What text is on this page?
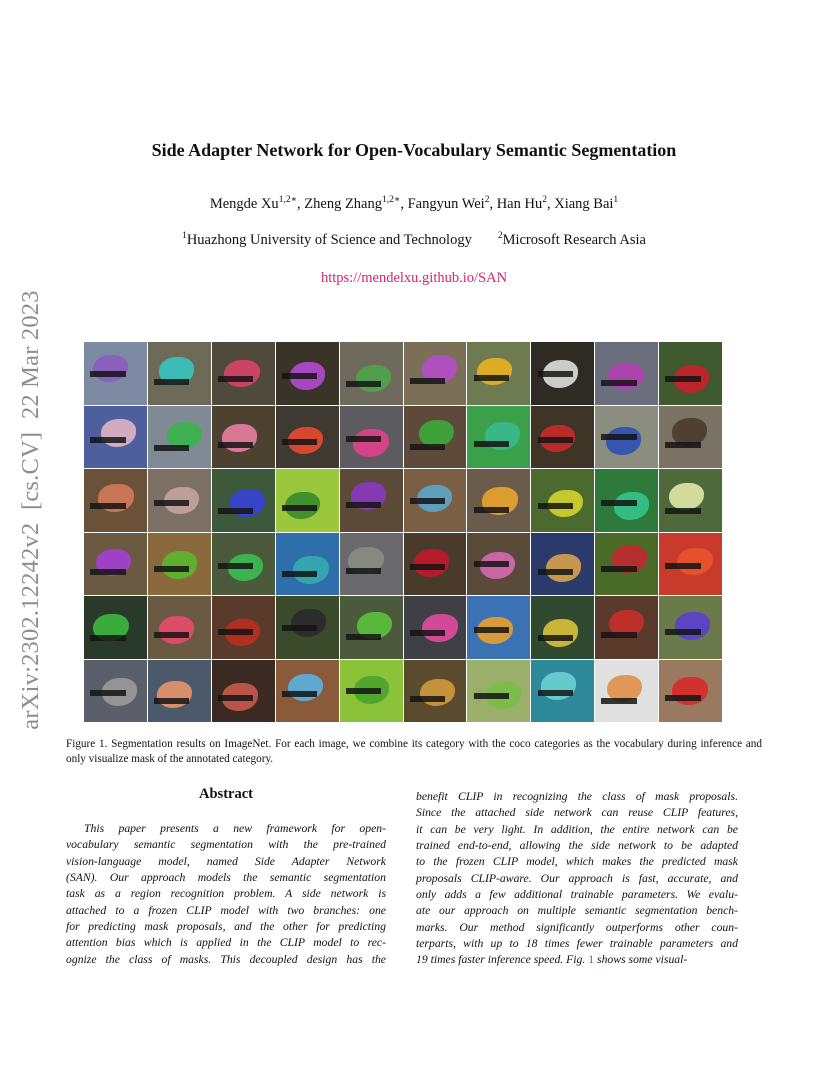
arXiv:2302.12242v2  [cs.CV]  22 Mar 2023
Side Adapter Network for Open-Vocabulary Semantic Segmentation
Mengde $Xu^{1,2∗}$, Zheng Zhang$^{1,2∗}$, Fangyun Wei$^2$, Han Hu$^2$, Xiang Bai$^1$
$^1$Huazhong University of Science and Technology	$^2$Microsoft Research Asia
https://mendelxu.github.io/SAN
Figure 1. Segmentation results on ImageNet. For each image, we combine its category with the coco categories as the vocabulary during inference and only visualize mask of the annotated category.
Abstract

This paper presents a new framework for open-

vocabulary semantic segmentation with the pre-trained

vision-language model, named Side Adapter Network

(SAN). Our approach models the semantic segmentation

task as a region recognition problem. A side network is

attached to a frozen CLIP model with two branches: one

for predicting mask proposals, and the other for predicting

attention bias which is applied in the CLIP model to rec-

ognize the class of masks. This decoupled design has the

benefit CLIP in recognizing the class of mask proposals.

Since the attached side network can reuse CLIP features,

it can be very light. In addition, the entire network can be

trained end-to-end, allowing the side network to be adapted

to the frozen CLIP model, which makes the predicted mask

proposals CLIP-aware. Our approach is fast, accurate, and

only adds a few additional trainable parameters. We evalu-

ate our approach on multiple semantic segmentation bench-

marks. Our method significantly outperforms other coun-

terparts, with up to 18 times fewer trainable parameters and

19 times faster inference speed. Fig. 1 shows some visual-
